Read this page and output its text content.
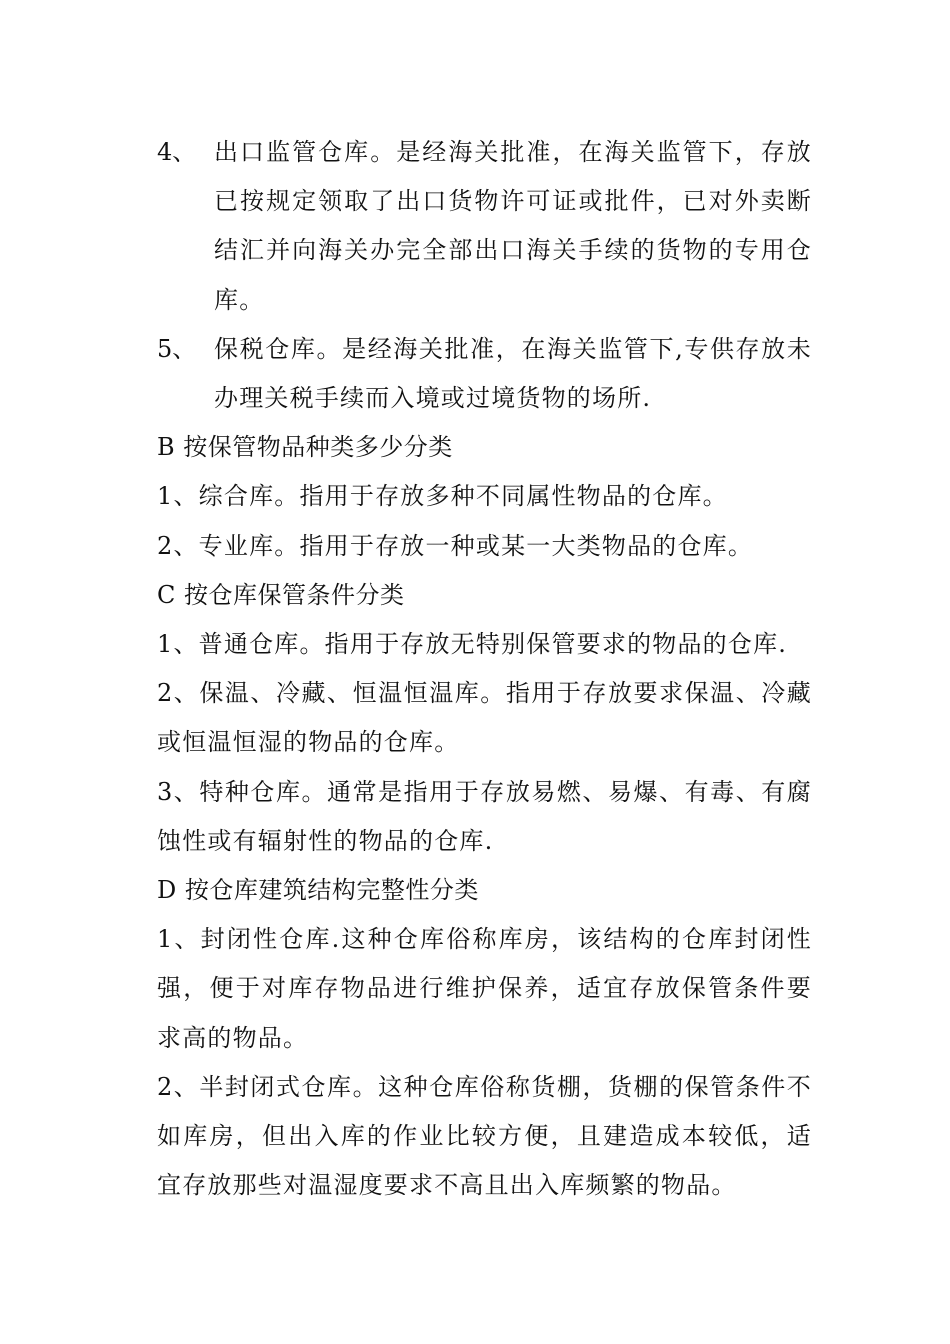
4、 出口监管仓库。是经海关批准，在海关监管下，存放已按规定领取了出口货物许可证或批件，已对外卖断结汇并向海关办完全部出口海关手续的货物的专用仓库。
5、 保税仓库。是经海关批准，在海关监管下,专供存放未办理关税手续而入境或过境货物的场所.

B 按保管物品种类多少分类

1、综合库。指用于存放多种不同属性物品的仓库。

2、专业库。指用于存放一种或某一大类物品的仓库。

C 按仓库保管条件分类

1、普通仓库。指用于存放无特别保管要求的物品的仓库.

2、保温、冷藏、恒温恒温库。指用于存放要求保温、冷藏或恒温恒湿的物品的仓库。

3、特种仓库。通常是指用于存放易燃、易爆、有毒、有腐蚀性或有辐射性的物品的仓库.

D 按仓库建筑结构完整性分类

1、封闭性仓库.这种仓库俗称库房，该结构的仓库封闭性强，便于对库存物品进行维护保养，适宜存放保管条件要求高的物品。

2、半封闭式仓库。这种仓库俗称货棚，货棚的保管条件不如库房，但出入库的作业比较方便，且建造成本较低，适宜存放那些对温湿度要求不高且出入库频繁的物品。
